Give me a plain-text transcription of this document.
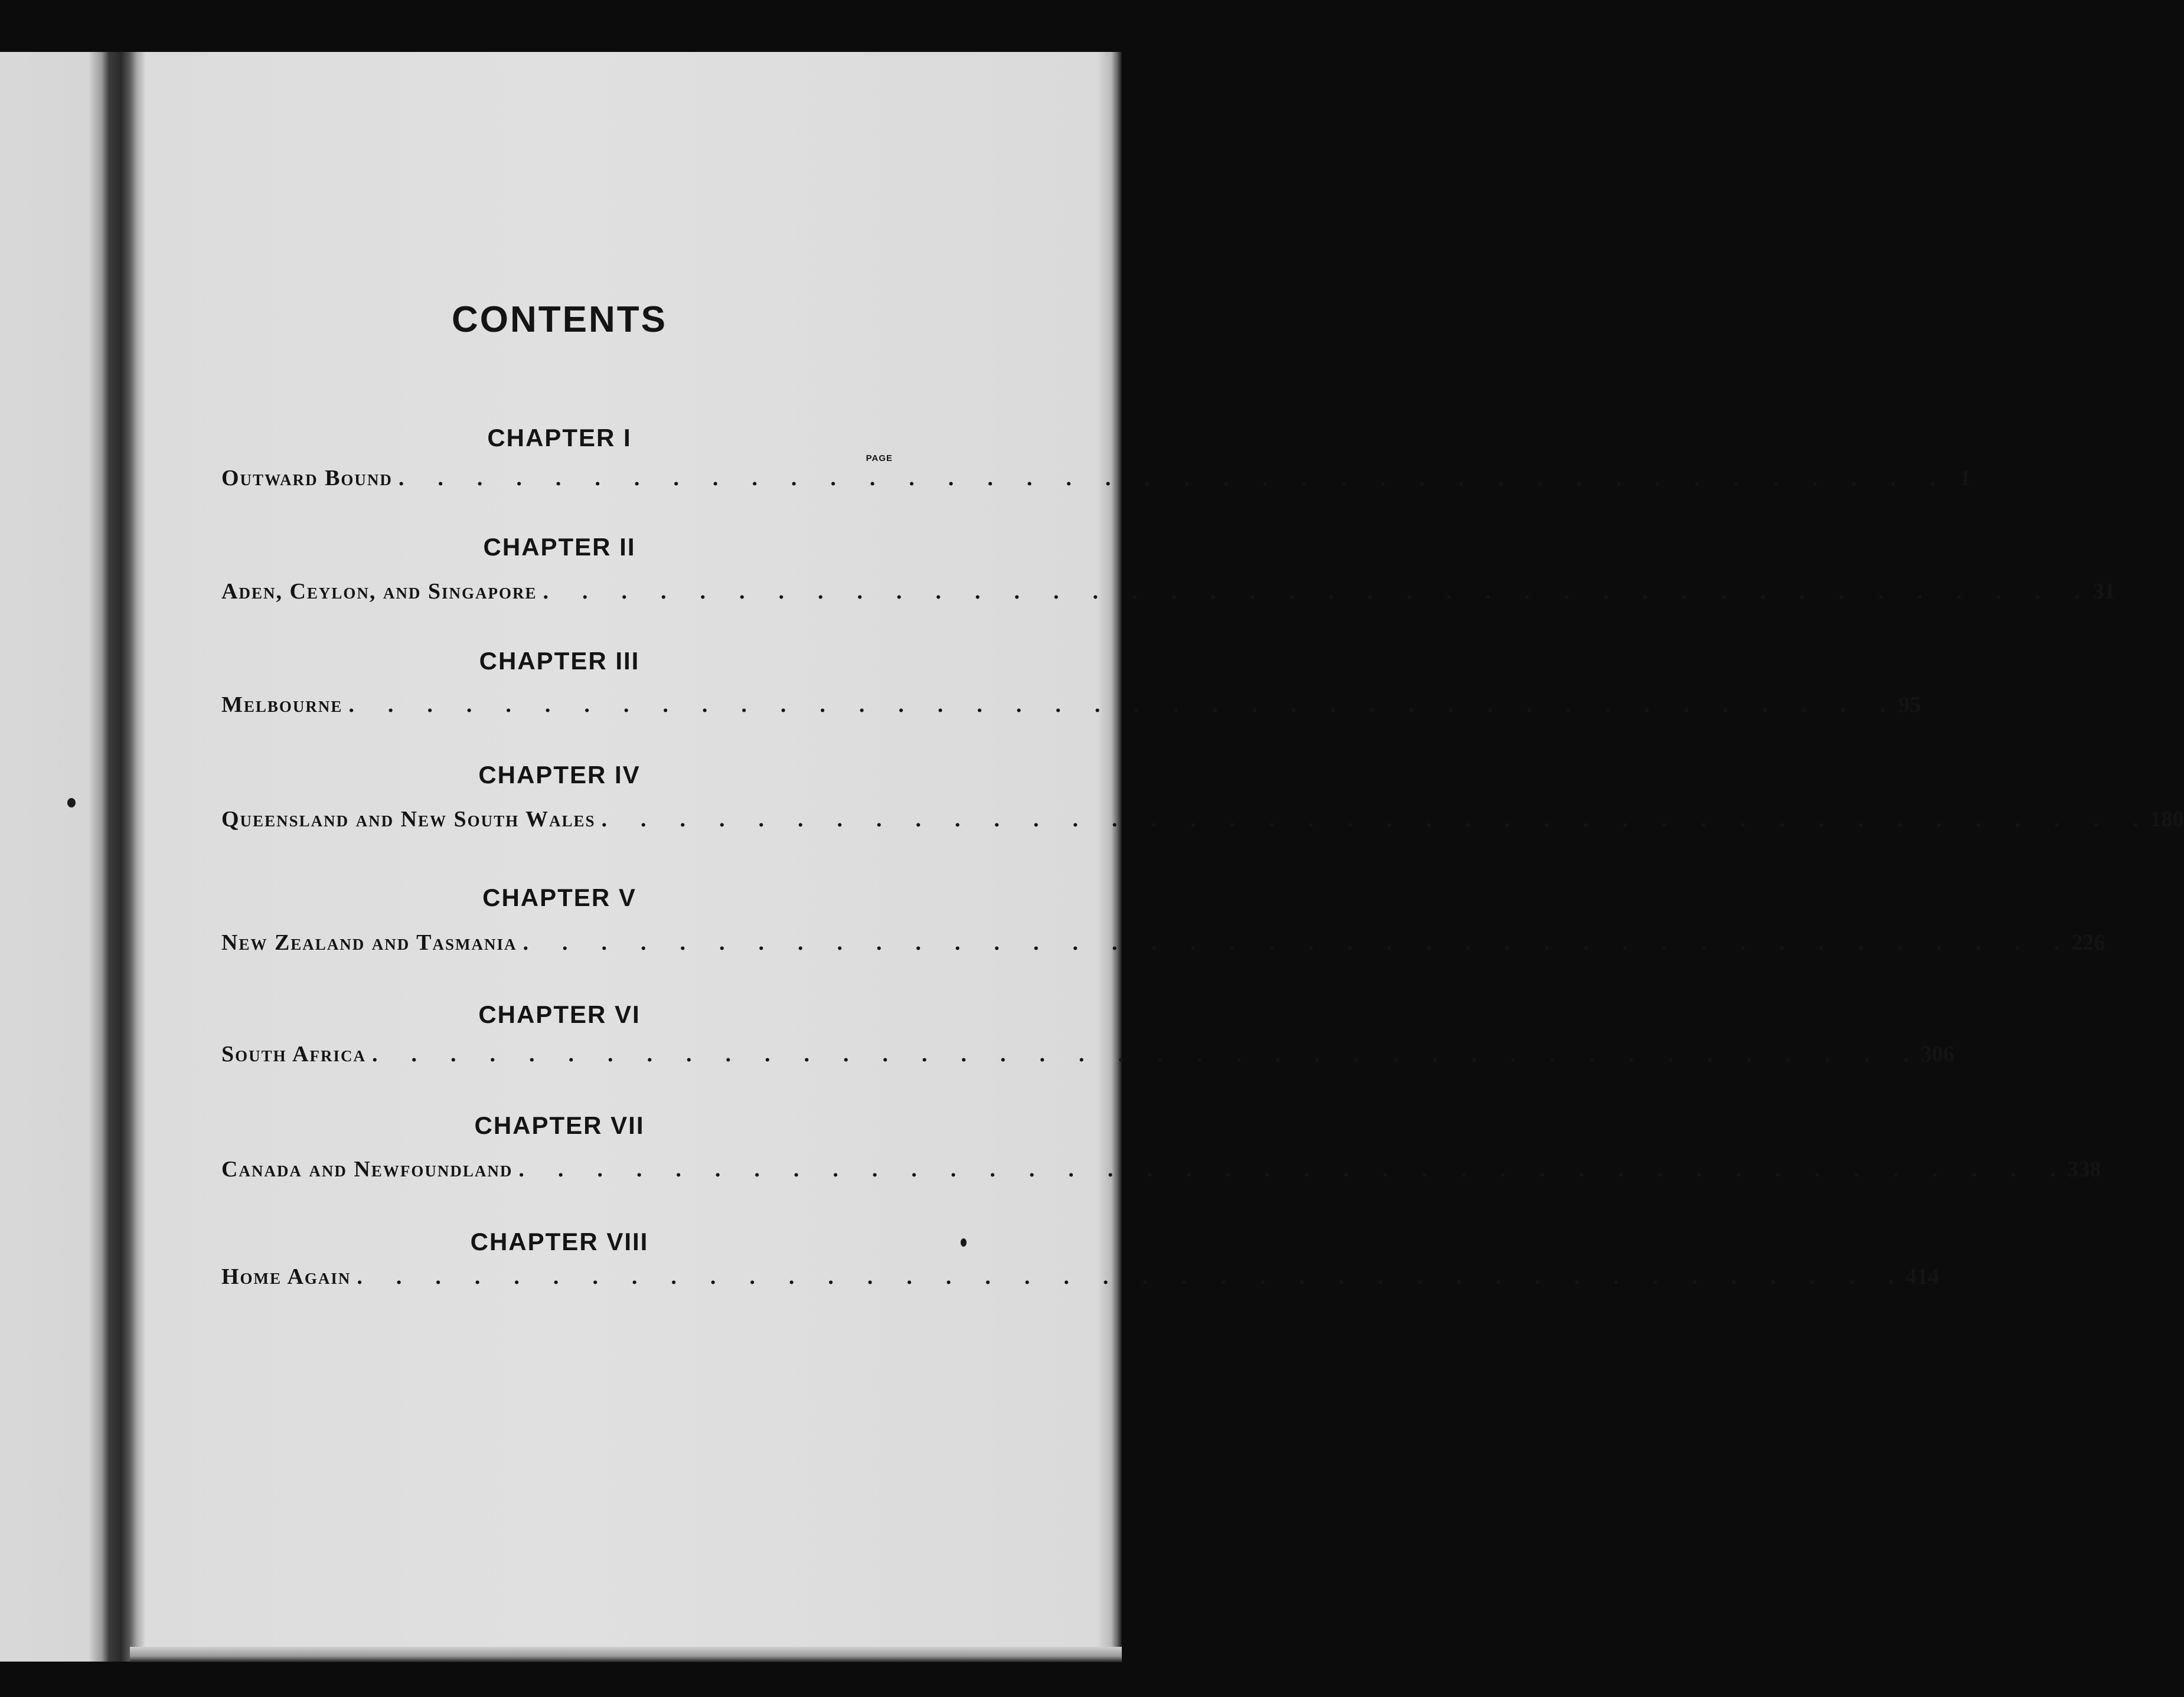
CONTENTS
PAGE
CHAPTER I
Outward Bound .  .  .  .  .  .  .  .  .  .  .  .  .  .  .  .  .  .  .  .  .  .  .  .  .  .  .  .  .  .  .  .  .  .  .  .  .  .  .  .	1
CHAPTER II
Aden, Ceylon, and Singapore .  .  .  .  .  .  .  .  .  .  .  .  .  .  .  .  .  .  .  .  .  .  .  .  .  .  .  .  .  .  .  .  .  .  .  .  .  .  .  . 31
CHAPTER III
Melbourne .  .  .  .  .  .  .  .  .  .  .  .  .  .  .  .  .  .  .  .  .  .  .  .  .  .  .  .  .  .  .  .  .  .  .  .  .  .  .  . 95
CHAPTER IV
Queensland and New South Wales .  .  .  .  .  .  .  .  .  .  .  .  .  .  .  .  .  .  .  .  .  .  .  .  .  .  .  .  .  .  .  .  .  .  .  .  .  .  .  . 180
CHAPTER V
New Zealand and Tasmania .  .  .  .  .  .  .  .  .  .  .  .  .  .  .  .  .  .  .  .  .  .  .  .  .  .  .  .  .  .  .  .  .  .  .  .  .  .  .  . 226
CHAPTER VI
South Africa .  .  .  .  .  .  .  .  .  .  .  .  .  .  .  .  .  .  .  .  .  .  .  .  .  .  .  .  .  .  .  .  .  .  .  .  .  .  .  . 306
CHAPTER VII
Canada and Newfoundland .  .  .  .  .  .  .  .  .  .  .  .  .  .  .  .  .  .  .  .  .  .  .  .  .  .  .  .  .  .  .  .  .  .  .  .  .  .  .  . 338
CHAPTER VIII
Home Again .  .  .  .  .  .  .  .  .  .  .  .  .  .  .  .  .  .  .  .  .  .  .  .  .  .  .  .  .  .  .  .  .  .  .  .  .  .  .  . 414
